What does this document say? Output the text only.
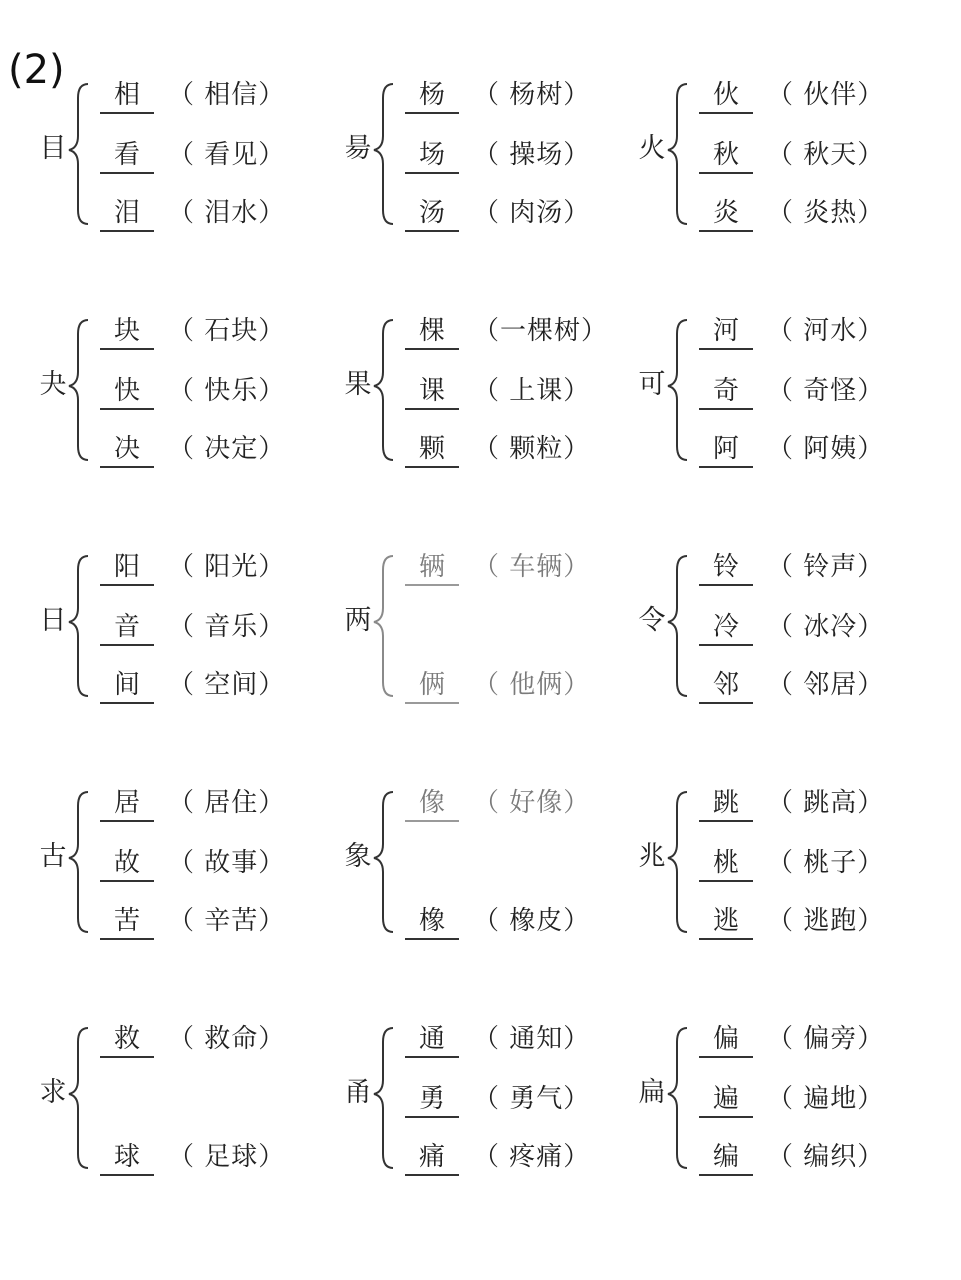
(2)
目
相 （ 相信）
看 （ 看见）
泪 （ 泪水）
昜
杨 （ 杨树）
场 （ 操场）
汤 （ 肉汤）
火
伙 （ 伙伴）
秋 （ 秋天）
炎 （ 炎热）
夬
块 （ 石块）
快 （ 快乐）
决 （ 决定）
果
棵 （一棵树）
课 （ 上课）
颗 （ 颗粒）
可
河 （ 河水）
奇 （ 奇怪）
阿 （ 阿姨）
日
阳 （ 阳光）
音 （ 音乐）
间 （ 空间）
两
辆 （ 车辆）
俩 （ 他俩）
令
铃 （ 铃声）
冷 （ 冰冷）
邻 （ 邻居）
古
居 （ 居住）
故 （ 故事）
苦 （ 辛苦）
象
像 （ 好像）
橡 （ 橡皮）
兆
跳 （ 跳高）
桃 （ 桃子）
逃 （ 逃跑）
求
救 （ 救命）
球 （ 足球）
甬
通 （ 通知）
勇 （ 勇气）
痛 （ 疼痛）
扁
偏 （ 偏旁）
遍 （ 遍地）
编 （ 编织）
